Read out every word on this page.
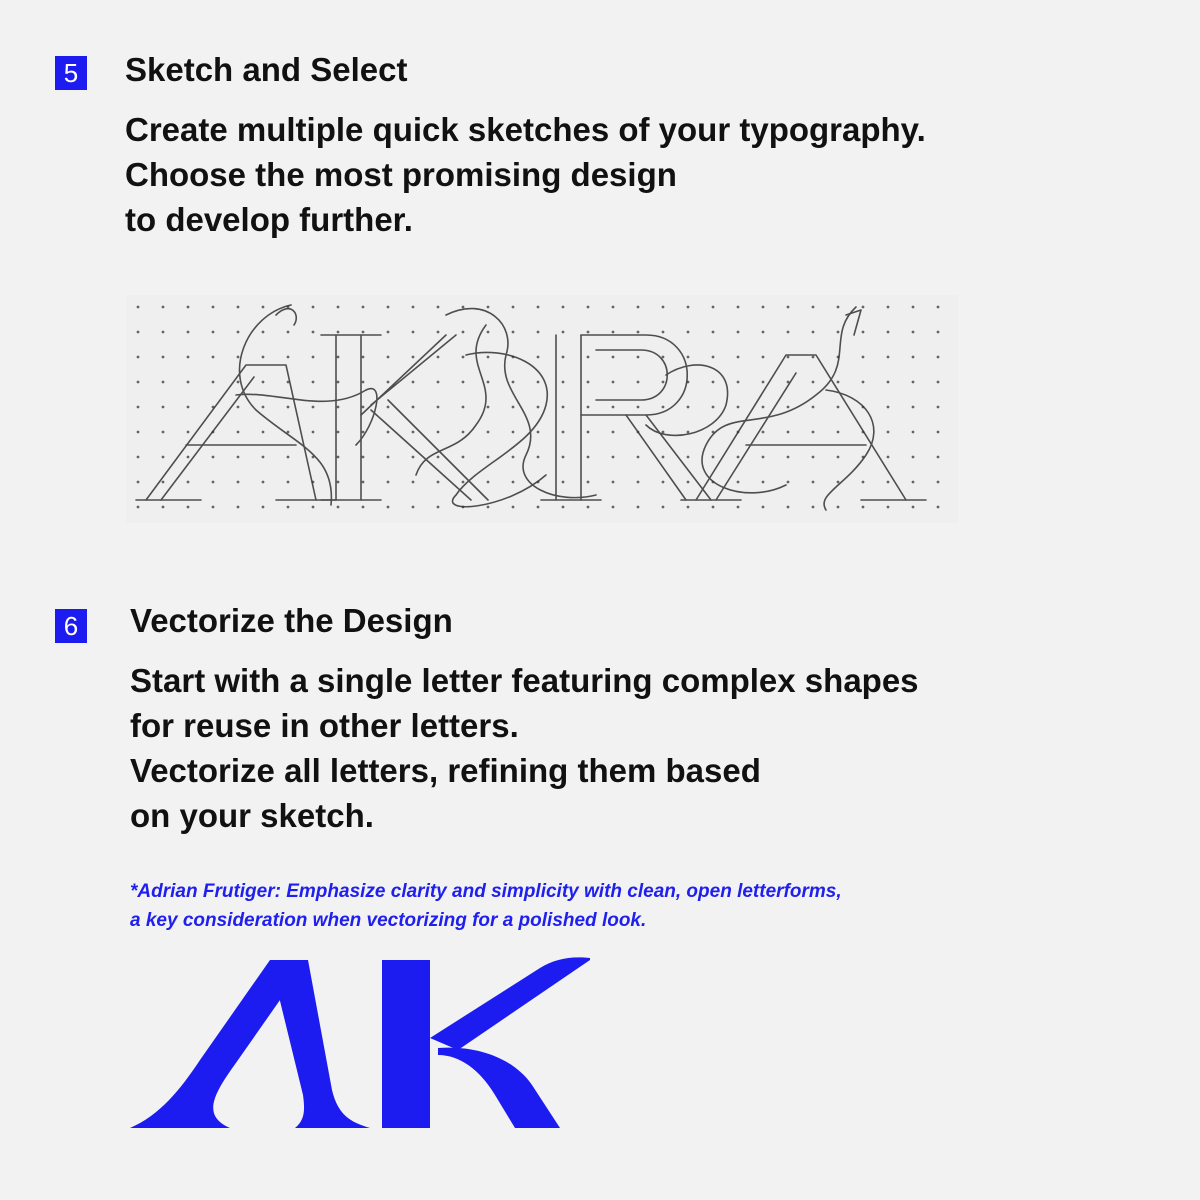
5 Sketch and Select
Create multiple quick sketches of your typography.
Choose the most promising design
to develop further.
6 Vectorize the Design
Start with a single letter featuring complex shapes
for reuse in other letters.
Vectorize all letters, refining them based
on your sketch.
*Adrian Frutiger: Emphasize clarity and simplicity with clean, open letterforms,
a key consideration when vectorizing for a polished look.
